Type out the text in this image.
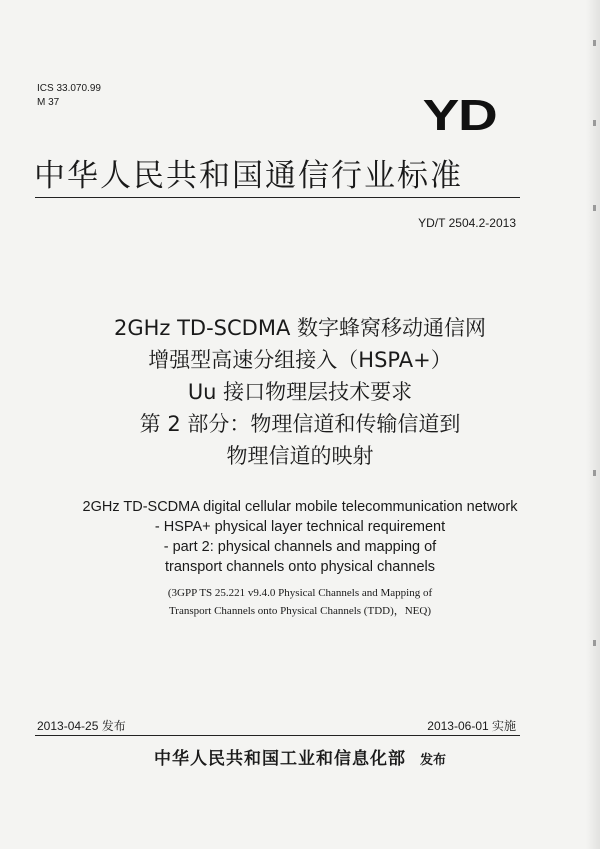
ICS 33.070.99
M 37	YD
中华人民共和国通信行业标准
YD/T 2504.2-2013
2GHz TD-SCDMA 数字蜂窝移动通信网
增强型高速分组接入（HSPA+）
Uu 接口物理层技术要求
第 2 部分：物理信道和传输信道到
物理信道的映射
2GHz TD-SCDMA digital cellular mobile telecommunication network
- HSPA+ physical layer technical requirement
- part 2: physical channels and mapping of
transport channels onto physical channels
(3GPP TS 25.221 v9.4.0 Physical Channels and Mapping of
Transport Channels onto Physical Channels (TDD)，NEQ)
2013-04-25 发布	2013-06-01 实施
中华人民共和国工业和信息化部 发布
